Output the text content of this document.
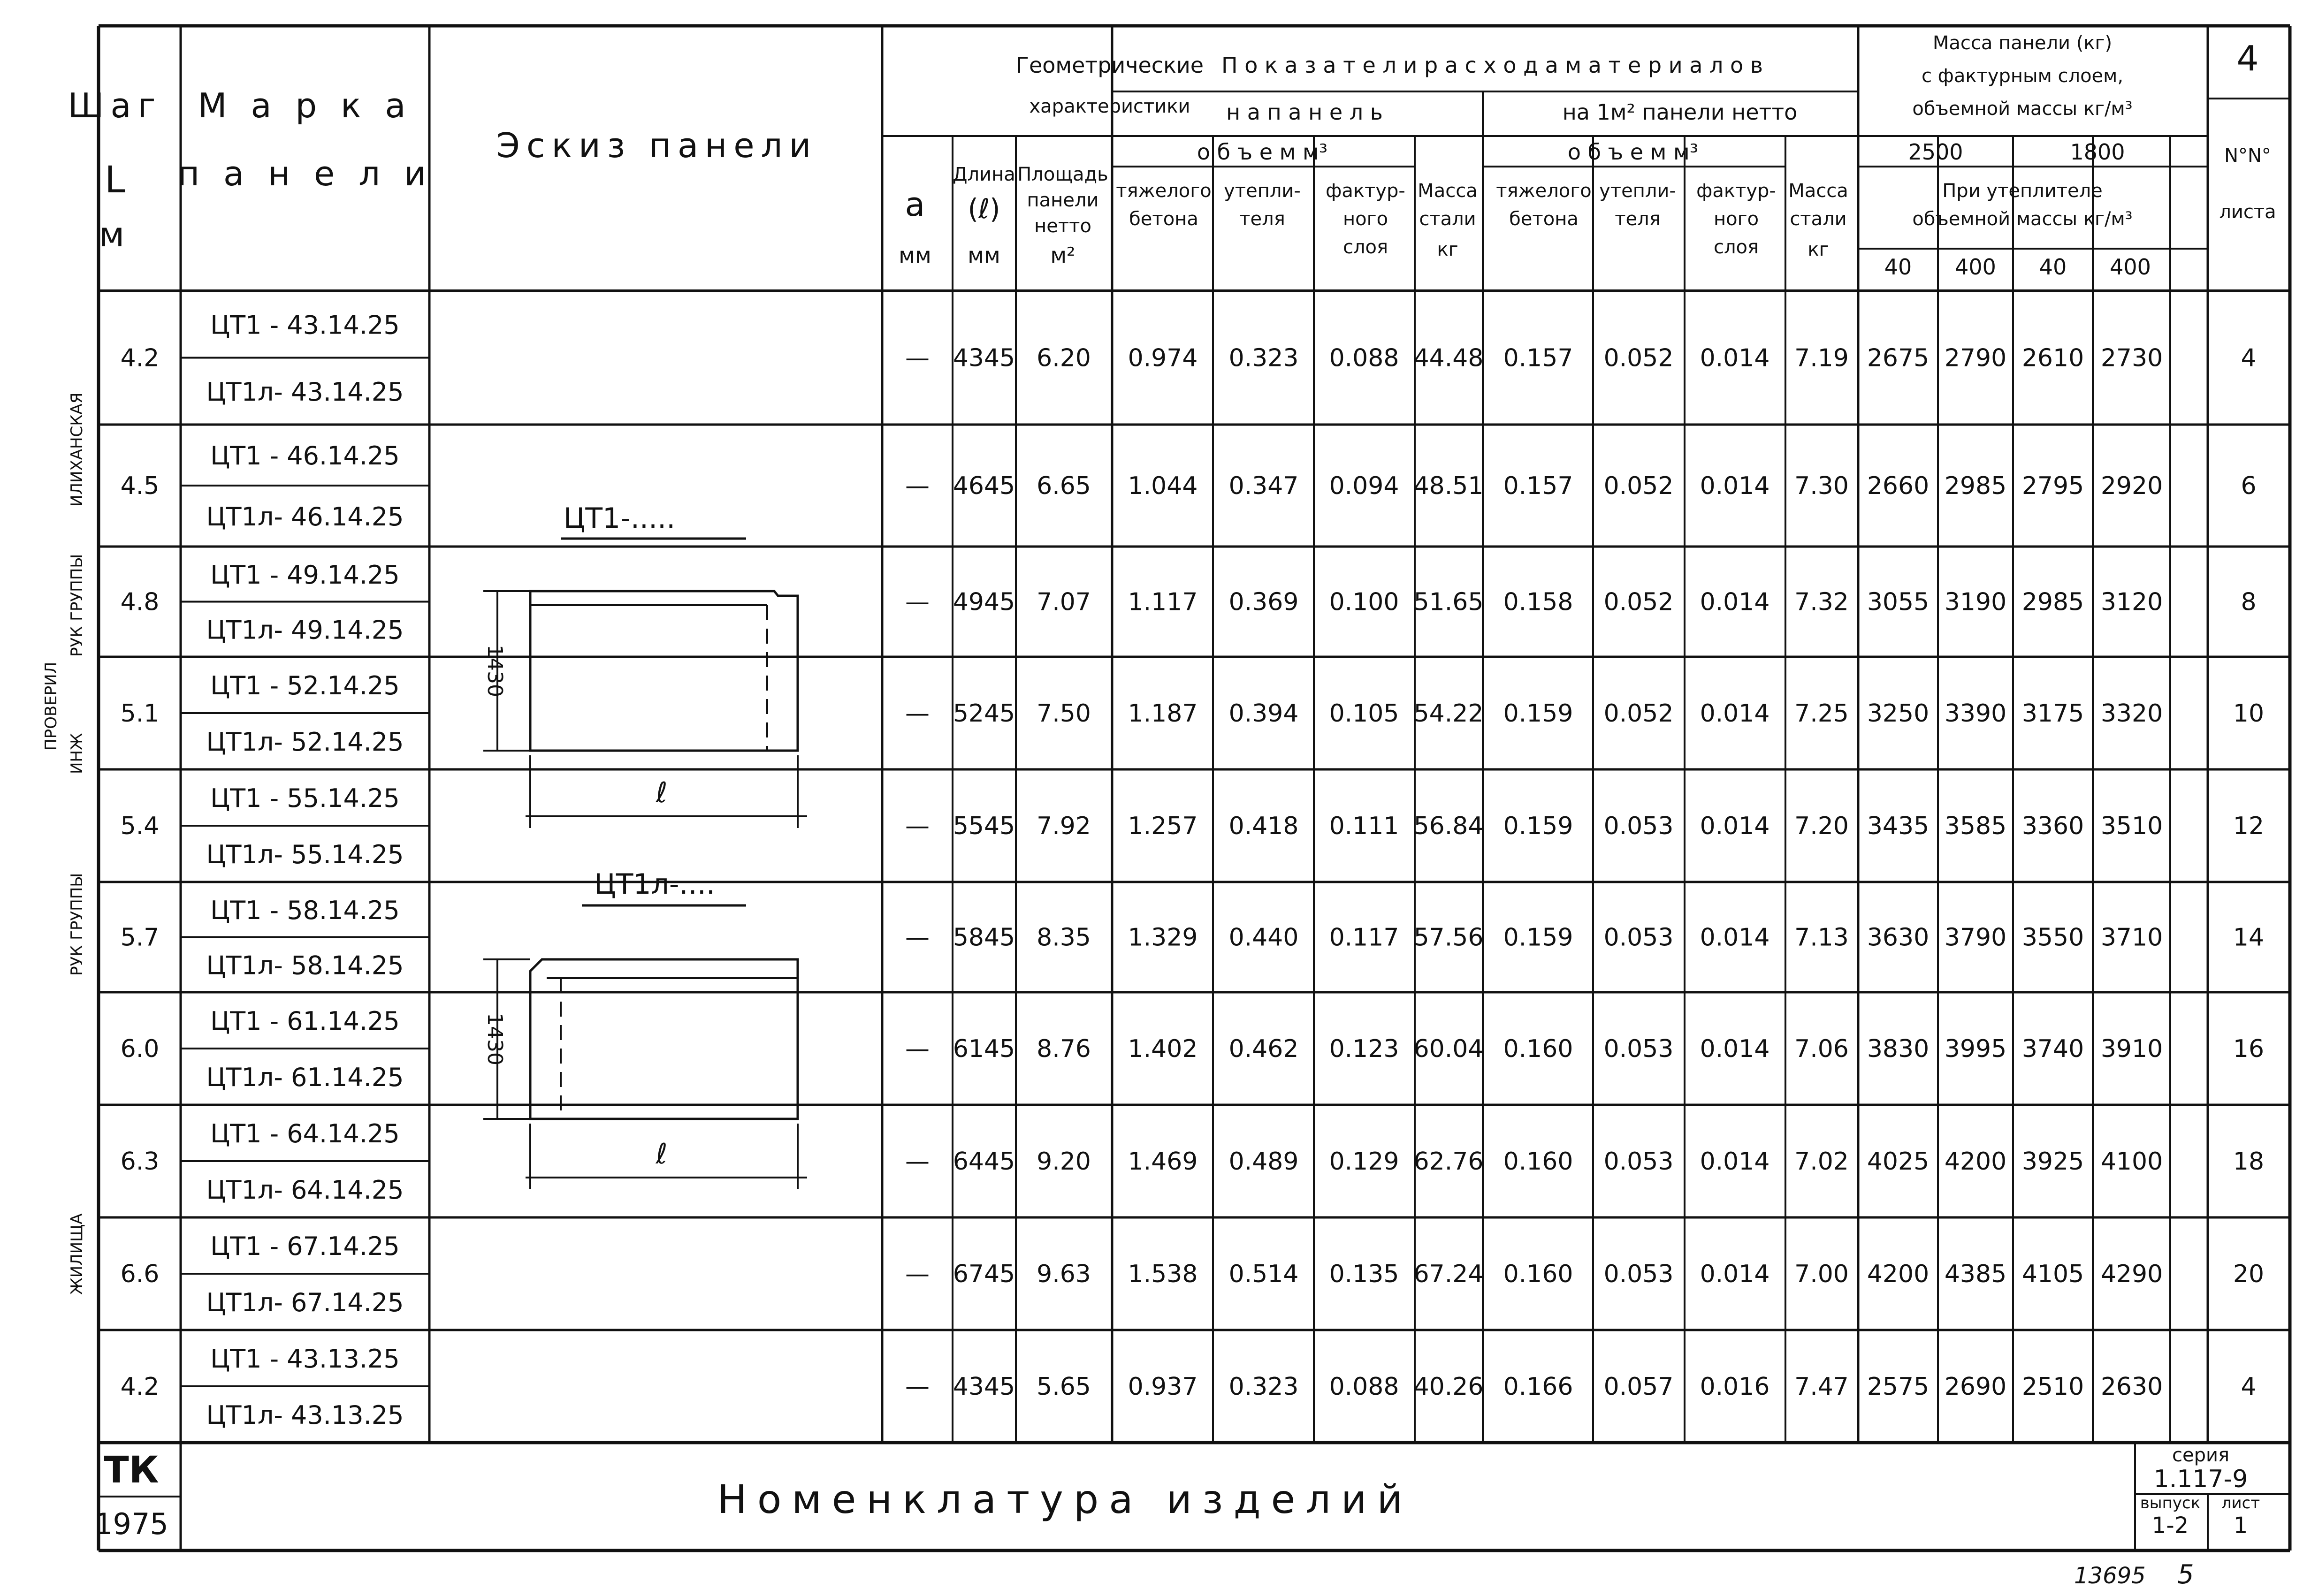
Шаг
L
м
М а р к а
п а н е л и
Эскиз панели
Геометрические
характеристики
П о к а з а т е л и р а с х о д а м а т е р и а л о в
н а п а н е л ь	на 1м² панели нетто
о б ъ е м м³	о б ъ е м м³
a
мм
Длина
(ℓ)
мм
Площадь
панели
нетто
м²
тяжелого
бетона
утепли-
теля
фактур-
ного
слоя
Масса
стали
кг
тяжелого
бетона
утепли-
теля
фактур-
ного
слоя
Масса
стали
кг
Масса панели (кг)
с фактурным слоем,
объемной массы кг/м³
2500	1800
При утеплителе
объемной массы кг/м³
40 400 40 400
4
N°N°
листа
4.2	— 4345 6.20 0.974 0.323 0.088 44.48 0.157 0.052 0.014 7.19 2675 2790 2610 2730	4
ЦТ1 - 43.14.25
ЦТ1л- 43.14.25
4.5	— 4645 6.65 1.044 0.347 0.094 48.51 0.157 0.052 0.014 7.30 2660 2985 2795 2920	6
ЦТ1 - 46.14.25
ЦТ1л- 46.14.25
4.8	— 4945 7.07 1.117 0.369 0.100 51.65 0.158 0.052 0.014 7.32 3055 3190 2985 3120	8
ЦТ1 - 49.14.25
ЦТ1л- 49.14.25
5.1	— 5245 7.50 1.187 0.394 0.105 54.22 0.159 0.052 0.014 7.25 3250 3390 3175 3320	10
ЦТ1 - 52.14.25
ЦТ1л- 52.14.25
5.4	— 5545 7.92 1.257 0.418 0.111 56.84 0.159 0.053 0.014 7.20 3435 3585 3360 3510	12
ЦТ1 - 55.14.25
ЦТ1л- 55.14.25
5.7	— 5845 8.35 1.329 0.440 0.117 57.56 0.159 0.053 0.014 7.13 3630 3790 3550 3710	14
ЦТ1 - 58.14.25
ЦТ1л- 58.14.25
6.0	— 6145 8.76 1.402 0.462 0.123 60.04 0.160 0.053 0.014 7.06 3830 3995 3740 3910	16
ЦТ1 - 61.14.25
ЦТ1л- 61.14.25
6.3	— 6445 9.20 1.469 0.489 0.129 62.76 0.160 0.053 0.014 7.02 4025 4200 3925 4100	18
ЦТ1 - 64.14.25
ЦТ1л- 64.14.25
6.6	— 6745 9.63 1.538 0.514 0.135 67.24 0.160 0.053 0.014 7.00 4200 4385 4105 4290	20
ЦТ1 - 67.14.25
ЦТ1л- 67.14.25
4.2	— 4345 5.65 0.937 0.323 0.088 40.26 0.166 0.057 0.016 7.47 2575 2690 2510 2630	4
ЦТ1 - 43.13.25
ЦТ1л- 43.13.25
ЦТ1-.....
1430
ℓ
ЦТ1л-....
1430
ℓ
ЖИЛИЩА
РУК ГРУППЫ
ИНЖ
РУК ГРУППЫ
ИЛИХАНСКАЯ
ПРОВЕРИЛ
ТК
1975
Номенклатура изделий
серия
1.117-9
выпуск
1-2
лист
1
13695 5
